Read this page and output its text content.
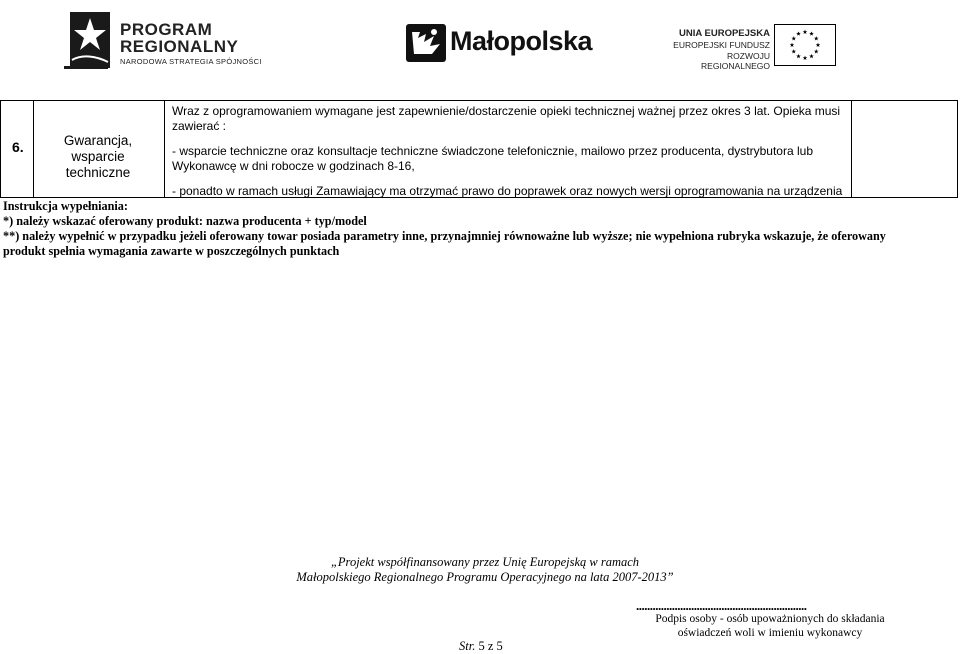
PROGRAM
REGIONALNY
NARODOWA STRATEGIA SPÓJNOŚCI
Małopolska	UNIA EUROPEJSKA
EUROPEJSKI FUNDUSZ
ROZWOJU REGIONALNEGO
6.	Gwarancja, wsparcie
techniczne
Wraz z oprogramowaniem wymagane jest zapewnienie/dostarczenie opieki technicznej ważnej przez okres 3 lat. Opieka musi
zawierać :
- wsparcie techniczne oraz konsultacje techniczne świadczone telefonicznie, mailowo przez producenta, dystrybutora lub
Wykonawcę w dni robocze w godzinach 8-16,
- ponadto w ramach usługi Zamawiający ma otrzymać prawo do poprawek oraz nowych wersji oprogramowania na urządzenia
Instrukcja wypełniania:
*) należy wskazać oferowany produkt: nazwa producenta + typ/model
**) należy wypełnić w przypadku jeżeli oferowany towar posiada parametry inne, przynajmniej równoważne lub wyższe; nie wypełniona rubryka wskazuje, że oferowany
produkt spełnia wymagania zawarte w poszczególnych punktach
„Projekt współfinansowany przez Unię Europejską w ramach
Małopolskiego Regionalnego Programu Operacyjnego na lata 2007-2013”
..............................................................
Podpis osoby - osób upoważnionych do składania
oświadczeń woli w imieniu wykonawcy
Str. 5 z 5
